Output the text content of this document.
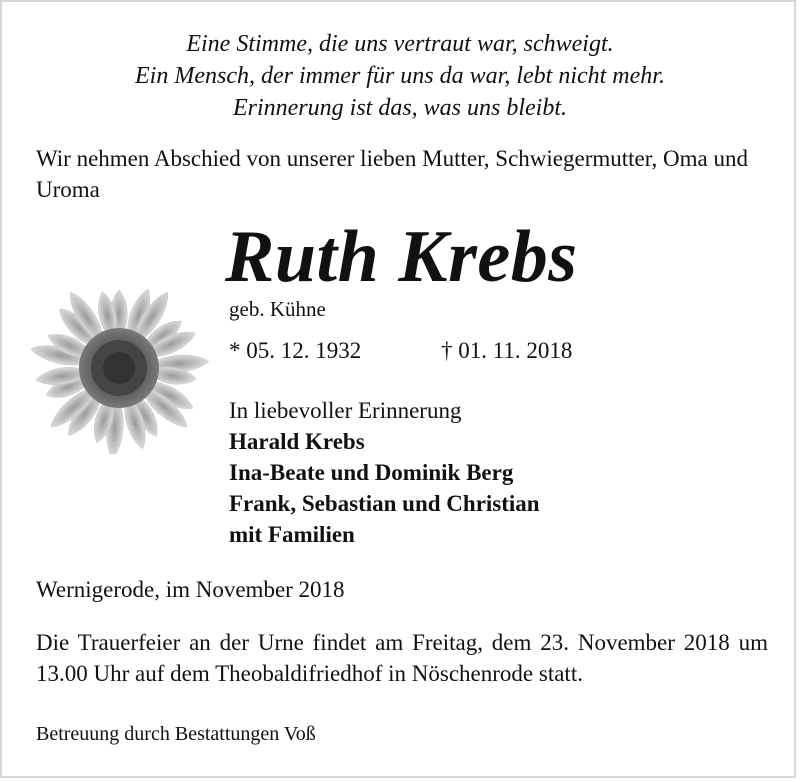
Eine Stimme, die uns vertraut war, schweigt.
Ein Mensch, der immer für uns da war, lebt nicht mehr.
Erinnerung ist das, was uns bleibt.
Wir nehmen Abschied von unserer lieben Mutter, Schwiegermutter, Oma und Uroma
Ruth Krebs
geb. Kühne
* 05. 12. 1932	† 01. 11. 2018
In liebevoller Erinnerung
Harald Krebs
Ina-Beate und Dominik Berg
Frank, Sebastian und Christian
mit Familien
Wernigerode, im November 2018
Die Trauerfeier an der Urne findet am Freitag, dem 23. November 2018 um 13.00 Uhr auf dem Theobaldifriedhof in Nöschenrode statt.
Betreuung durch Bestattungen Voß
